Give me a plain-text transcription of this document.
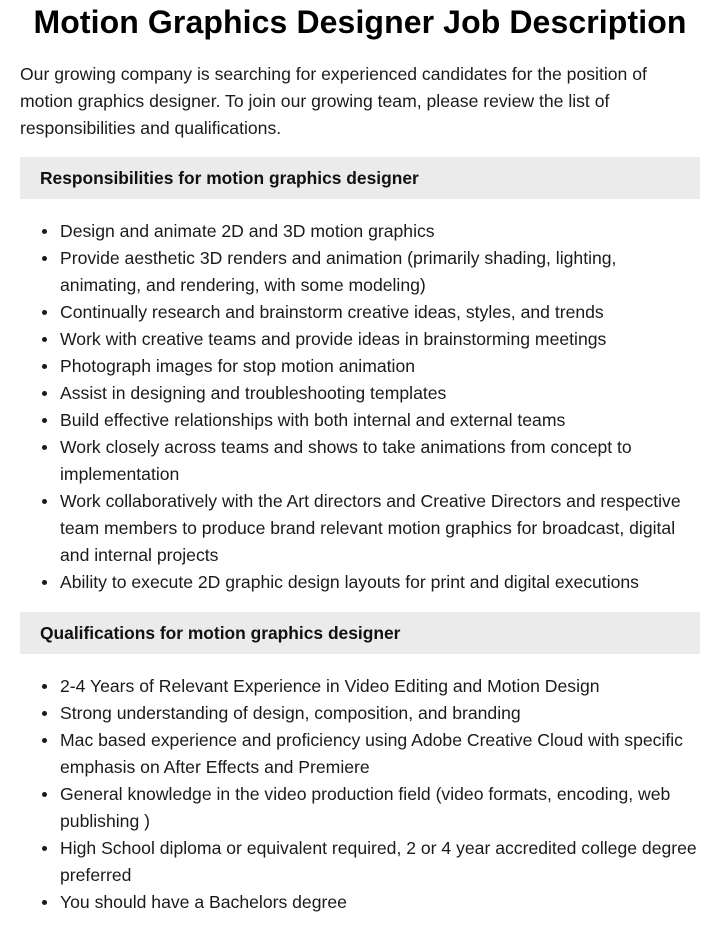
Motion Graphics Designer Job Description

Our growing company is searching for experienced candidates for the position of motion graphics designer. To join our growing team, please review the list of responsibilities and qualifications.

Responsibilities for motion graphics designer
Design and animate 2D and 3D motion graphics
Provide aesthetic 3D renders and animation (primarily shading, lighting, animating, and rendering, with some modeling)
Continually research and brainstorm creative ideas, styles, and trends
Work with creative teams and provide ideas in brainstorming meetings
Photograph images for stop motion animation
Assist in designing and troubleshooting templates
Build effective relationships with both internal and external teams
Work closely across teams and shows to take animations from concept to implementation
Work collaboratively with the Art directors and Creative Directors and respective team members to produce brand relevant motion graphics for broadcast, digital and internal projects
Ability to execute 2D graphic design layouts for print and digital executions
Qualifications for motion graphics designer
2-4 Years of Relevant Experience in Video Editing and Motion Design
Strong understanding of design, composition, and branding
Mac based experience and proficiency using Adobe Creative Cloud with specific emphasis on After Effects and Premiere
General knowledge in the video production field (video formats, encoding, web publishing )
High School diploma or equivalent required, 2 or 4 year accredited college degree preferred
You should have a Bachelors degree
